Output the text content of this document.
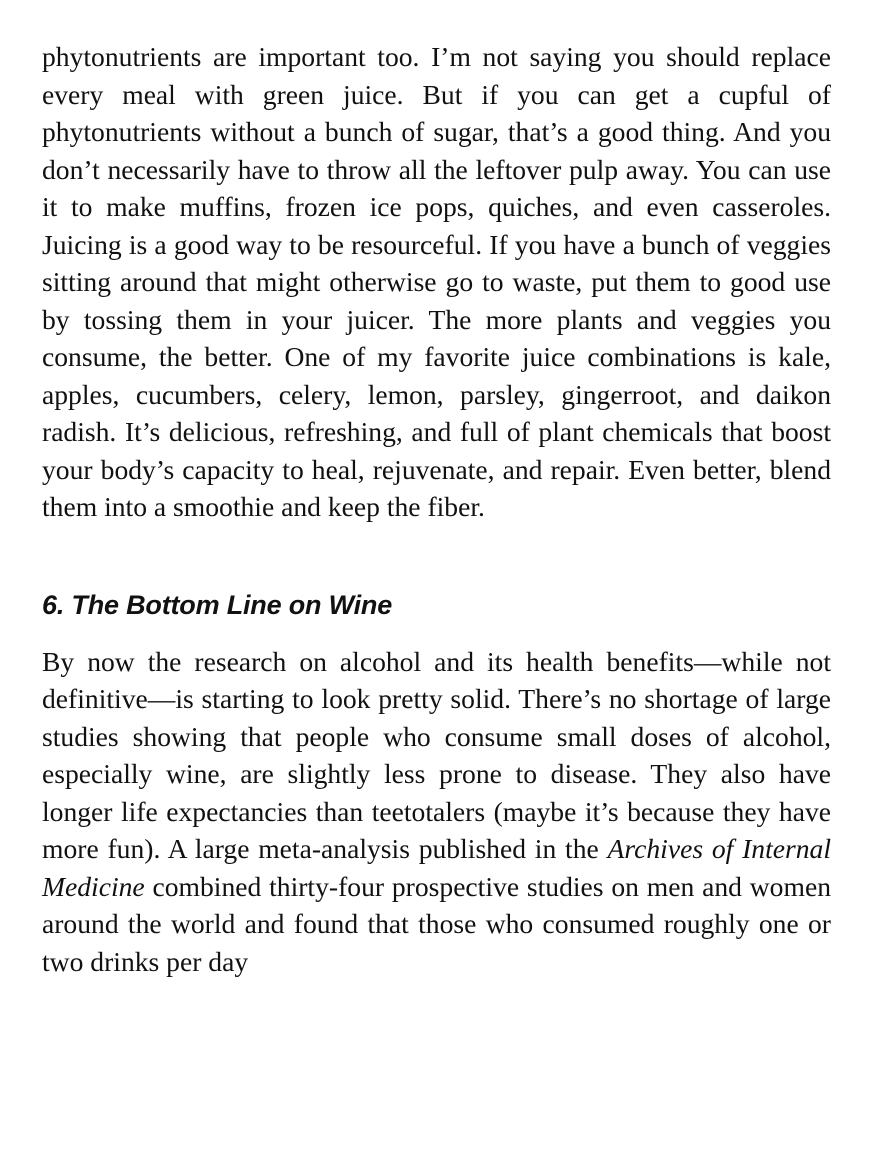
phytonutrients are important too. I’m not saying you should replace every meal with green juice. But if you can get a cupful of phytonutrients without a bunch of sugar, that’s a good thing. And you don’t necessarily have to throw all the leftover pulp away. You can use it to make muffins, frozen ice pops, quiches, and even casseroles. Juicing is a good way to be resourceful. If you have a bunch of veggies sitting around that might otherwise go to waste, put them to good use by tossing them in your juicer. The more plants and veggies you consume, the better. One of my favorite juice combinations is kale, apples, cucumbers, celery, lemon, parsley, gingerroot, and daikon radish. It’s delicious, refreshing, and full of plant chemicals that boost your body’s capacity to heal, rejuvenate, and repair. Even better, blend them into a smoothie and keep the fiber.

6. The Bottom Line on Wine

By now the research on alcohol and its health benefits—while not definitive—is starting to look pretty solid. There’s no shortage of large studies showing that people who consume small doses of alcohol, especially wine, are slightly less prone to disease. They also have longer life expectancies than teetotalers (maybe it’s because they have more fun). A large meta-analysis published in the Archives of Internal Medicine combined thirty-four prospective studies on men and women around the world and found that those who consumed roughly one or two drinks per day
